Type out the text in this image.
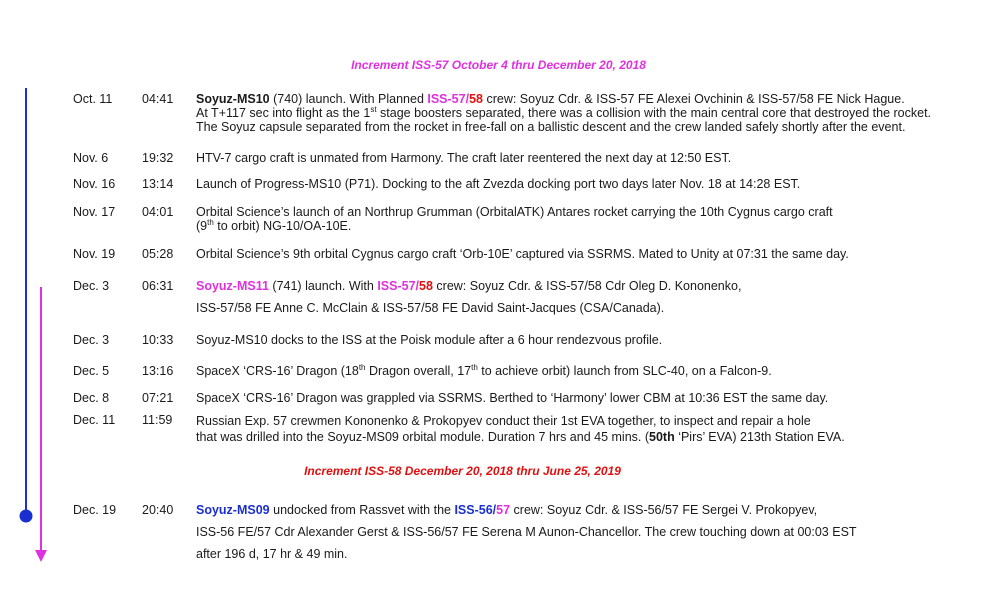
Increment ISS-57 October 4 thru December 20, 2018
Oct. 11 04:41 Soyuz-MS10 (740) launch. With Planned ISS-57/58 crew: Soyuz Cdr. & ISS-57 FE Alexei Ovchinin & ISS-57/58 FE Nick Hague.
At T+117 sec into flight as the 1st stage boosters separated, there was a collision with the main central core that destroyed the rocket.
The Soyuz capsule separated from the rocket in free-fall on a ballistic descent and the crew landed safely shortly after the event.
Nov. 6	19:32 HTV-7 cargo craft is unmated from Harmony. The craft later reentered the next day at 12:50 EST.
Nov. 16 13:14 Launch of Progress-MS10 (P71). Docking to the aft Zvezda docking port two days later Nov. 18 at 14:28 EST.
Nov. 17 04:01 Orbital Science’s launch of an Northrup Grumman (OrbitalATK) Antares rocket carrying the 10th Cygnus cargo craft
(9th to orbit) NG-10/OA-10E.
Nov. 19 05:28 Orbital Science’s 9th orbital Cygnus cargo craft ‘Orb-10E’ captured via SSRMS. Mated to Unity at 07:31 the same day.
Dec. 3	06:31 Soyuz-MS11 (741) launch. With ISS-57/58 crew: Soyuz Cdr. & ISS-57/58 Cdr Oleg D. Kononenko,
ISS-57/58 FE Anne C. McClain & ISS-57/58 FE David Saint-Jacques (CSA/Canada).
Dec. 3	10:33 Soyuz-MS10 docks to the ISS at the Poisk module after a 6 hour rendezvous profile.
Dec. 5	13:16 SpaceX ‘CRS-16’ Dragon (18th Dragon overall, 17th to achieve orbit) launch from SLC-40, on a Falcon-9.
Dec. 8	07:21 SpaceX ‘CRS-16’ Dragon was grappled via SSRMS. Berthed to ‘Harmony’ lower CBM at 10:36 EST the same day.
Dec. 11 11:59 Russian Exp. 57 crewmen Kononenko & Prokopyev conduct their 1st EVA together, to inspect and repair a hole
that was drilled into the Soyuz-MS09 orbital module. Duration 7 hrs and 45 mins. (50th ‘Pirs’ EVA) 213th Station EVA.
Increment ISS-58 December 20, 2018 thru June 25, 2019
Dec. 19 20:40 Soyuz-MS09 undocked from Rassvet with the ISS-56/57 crew: Soyuz Cdr. & ISS-56/57 FE Sergei V. Prokopyev,
ISS-56 FE/57 Cdr Alexander Gerst & ISS-56/57 FE Serena M Aunon-Chancellor. The crew touching down at 00:03 EST
after 196 d, 17 hr & 49 min.
